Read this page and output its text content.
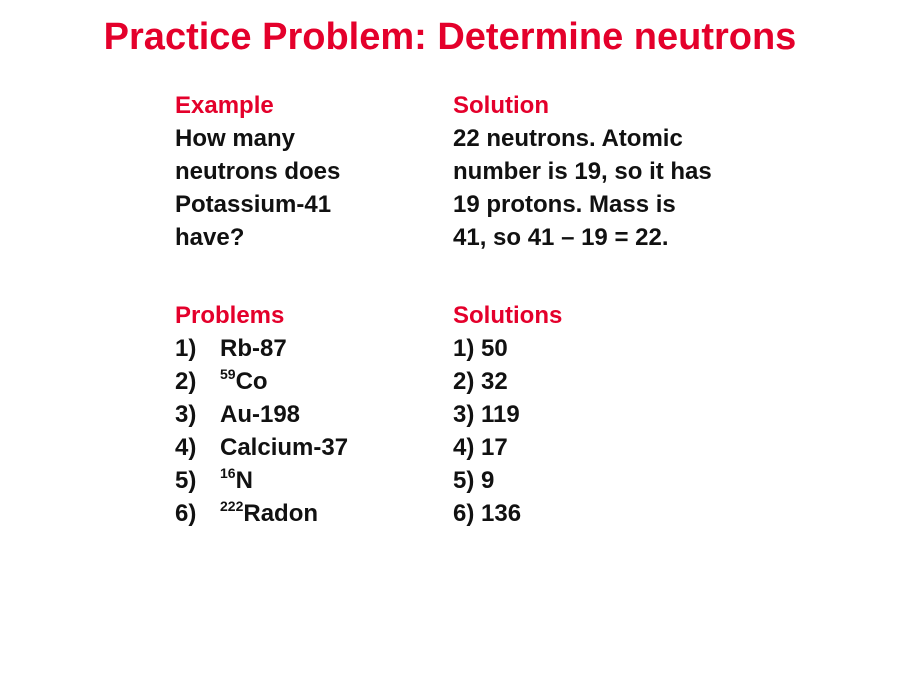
Practice Problem: Determine neutrons
Example
How many
neutrons does
Potassium-41
have?
Solution
22 neutrons. Atomic
number is 19, so it has
19 protons. Mass is
41, so 41 – 19 = 22.
Problems
1) Rb-87
2) $^{59}$Co
3) Au-198
4) Calcium-37
5) $^{16}$N
6) $^{222}$Radon
Solutions
1) 50
2) 32
3) 119
4) 17
5) 9
6) 136
